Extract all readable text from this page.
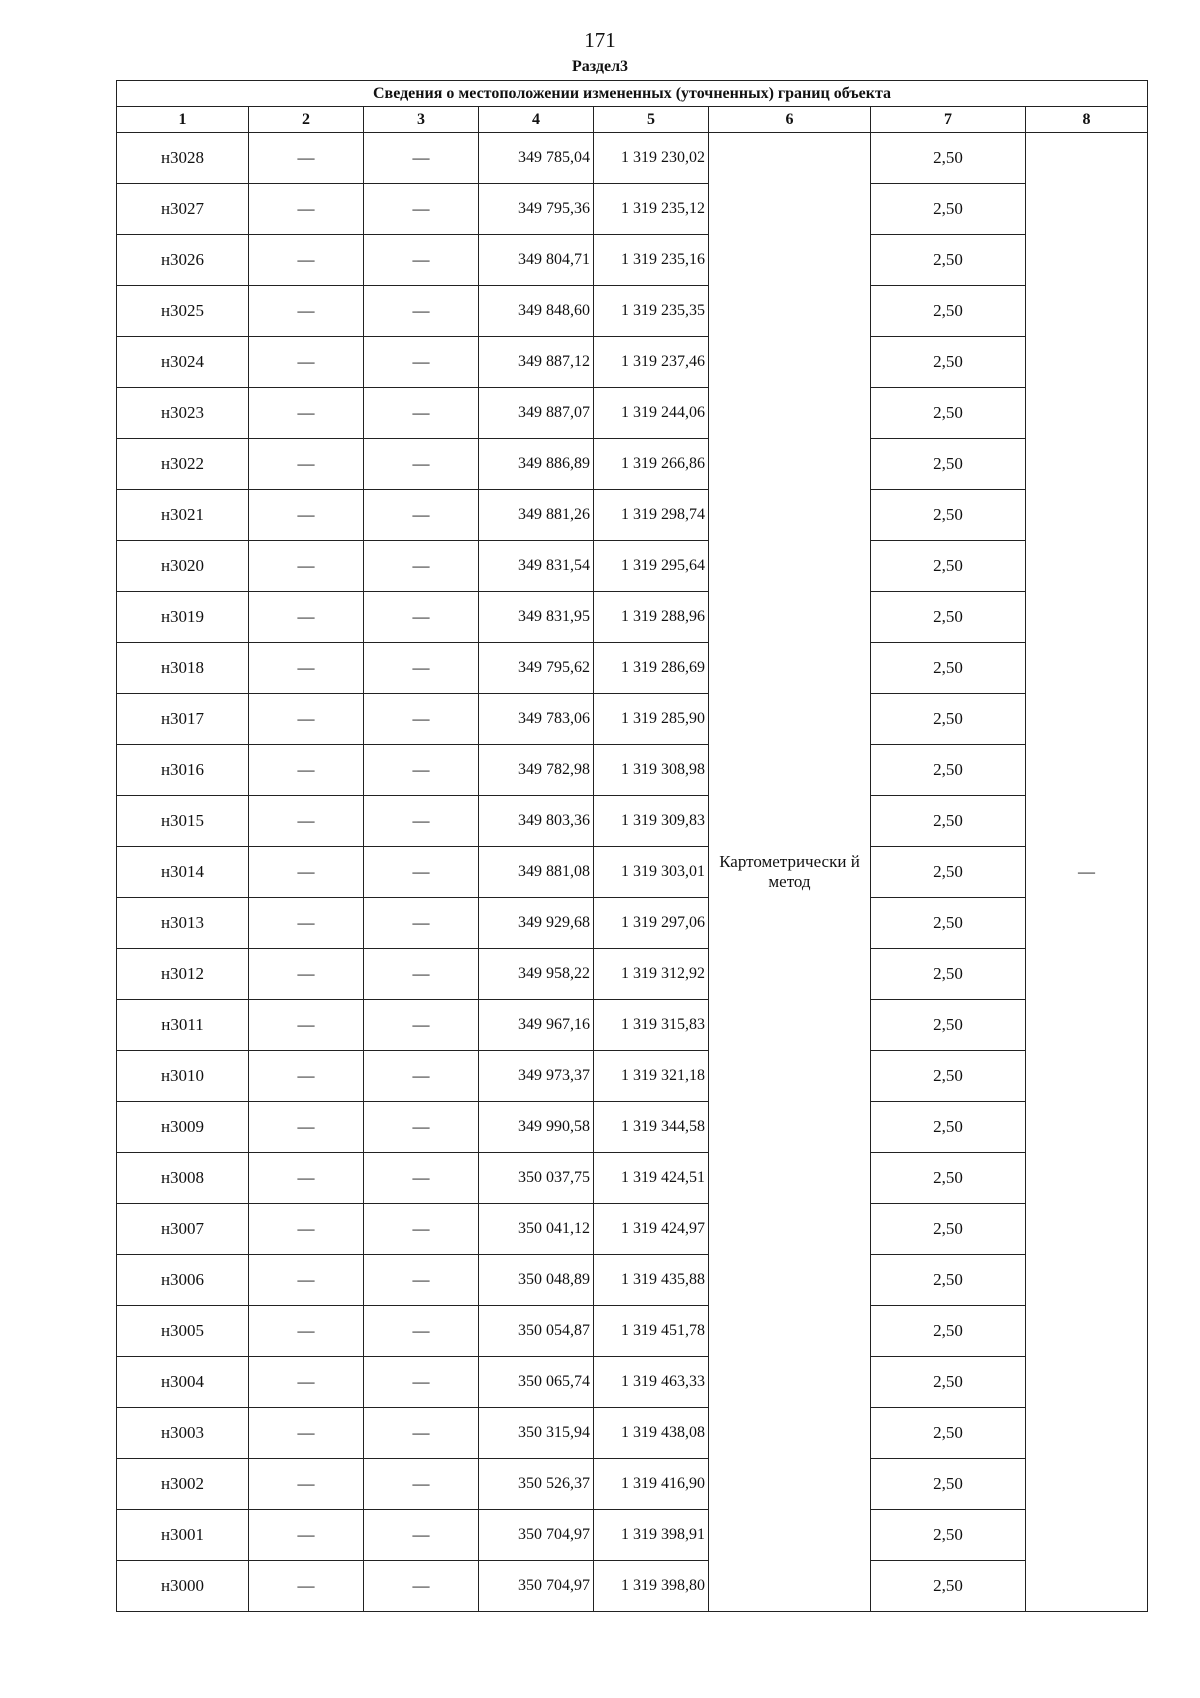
171
Раздел3
Сведения о местоположении измененных (уточненных) границ объекта							
1	2	3	4	5	6	7	8
н3028	—	—	349 785,04	1 319 230,02	Картометрически й метод	2,50	—
н3027	—	—	349 795,36	1 319 235,12		2,50	
н3026	—	—	349 804,71	1 319 235,16		2,50	
н3025	—	—	349 848,60	1 319 235,35		2,50	
н3024	—	—	349 887,12	1 319 237,46		2,50	
н3023	—	—	349 887,07	1 319 244,06		2,50	
н3022	—	—	349 886,89	1 319 266,86		2,50	
н3021	—	—	349 881,26	1 319 298,74		2,50	
н3020	—	—	349 831,54	1 319 295,64		2,50	
н3019	—	—	349 831,95	1 319 288,96		2,50	
н3018	—	—	349 795,62	1 319 286,69		2,50	
н3017	—	—	349 783,06	1 319 285,90		2,50	
н3016	—	—	349 782,98	1 319 308,98		2,50	
н3015	—	—	349 803,36	1 319 309,83		2,50	
н3014	—	—	349 881,08	1 319 303,01		2,50	
н3013	—	—	349 929,68	1 319 297,06		2,50	
н3012	—	—	349 958,22	1 319 312,92		2,50	
н3011	—	—	349 967,16	1 319 315,83		2,50	
н3010	—	—	349 973,37	1 319 321,18		2,50	
н3009	—	—	349 990,58	1 319 344,58		2,50	
н3008	—	—	350 037,75	1 319 424,51		2,50	
н3007	—	—	350 041,12	1 319 424,97		2,50	
н3006	—	—	350 048,89	1 319 435,88		2,50	
н3005	—	—	350 054,87	1 319 451,78		2,50	
н3004	—	—	350 065,74	1 319 463,33		2,50	
н3003	—	—	350 315,94	1 319 438,08		2,50	
н3002	—	—	350 526,37	1 319 416,90		2,50	
н3001	—	—	350 704,97	1 319 398,91		2,50	
н3000	—	—	350 704,97	1 319 398,80		2,50	
